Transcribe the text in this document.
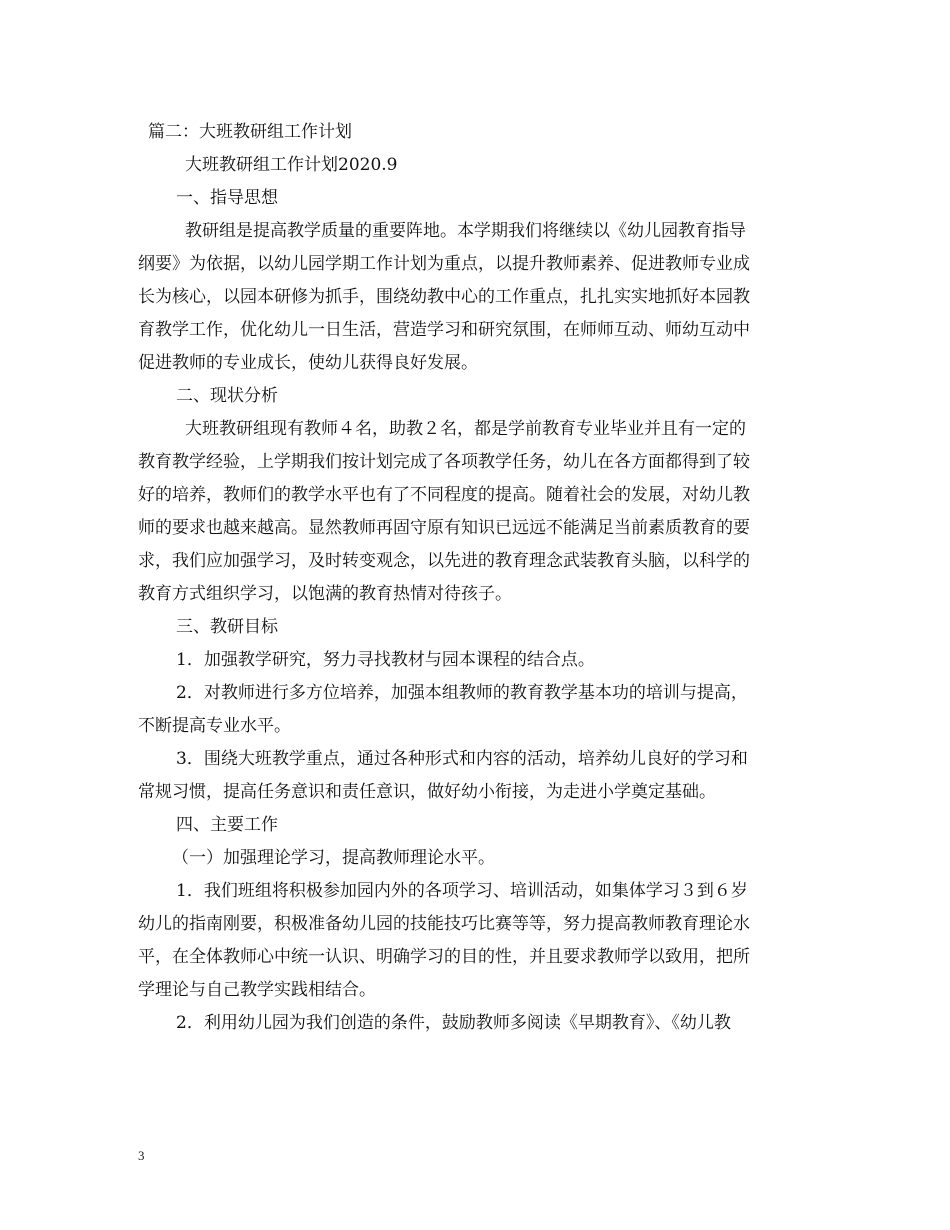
篇二：大班教研组工作计划
大班教研组工作计划2020.9
一、指导思想
教研组是提高教学质量的重要阵地。本学期我们将继续以《幼儿园教育指导
纲要》为依据，以幼儿园学期工作计划为重点，以提升教师素养、促进教师专业成
长为核心，以园本研修为抓手，围绕幼教中心的工作重点，扎扎实实地抓好本园教
育教学工作，优化幼儿一日生活，营造学习和研究氛围，在师师互动、师幼互动中
促进教师的专业成长，使幼儿获得良好发展。
二、现状分析
大班教研组现有教师４名，助教２名，都是学前教育专业毕业并且有一定的
教育教学经验，上学期我们按计划完成了各项教学任务，幼儿在各方面都得到了较
好的培养，教师们的教学水平也有了不同程度的提高。随着社会的发展，对幼儿教
师的要求也越来越高。显然教师再固守原有知识已远远不能满足当前素质教育的要
求，我们应加强学习，及时转变观念，以先进的教育理念武装教育头脑，以科学的
教育方式组织学习，以饱满的教育热情对待孩子。
三、教研目标
1．加强教学研究，努力寻找教材与园本课程的结合点。
2．对教师进行多方位培养，加强本组教师的教育教学基本功的培训与提高，
不断提高专业水平。
3．围绕大班教学重点，通过各种形式和内容的活动，培养幼儿良好的学习和
常规习惯，提高任务意识和责任意识，做好幼小衔接，为走进小学奠定基础。
四、主要工作
（一）加强理论学习，提高教师理论水平。
1．我们班组将积极参加园内外的各项学习、培训活动，如集体学习３到６岁
幼儿的指南刚要，积极准备幼儿园的技能技巧比赛等等，努力提高教师教育理论水
平，在全体教师心中统一认识、明确学习的目的性，并且要求教师学以致用，把所
学理论与自己教学实践相结合。
2．利用幼儿园为我们创造的条件，鼓励教师多阅读《早期教育》、《幼儿教
3
